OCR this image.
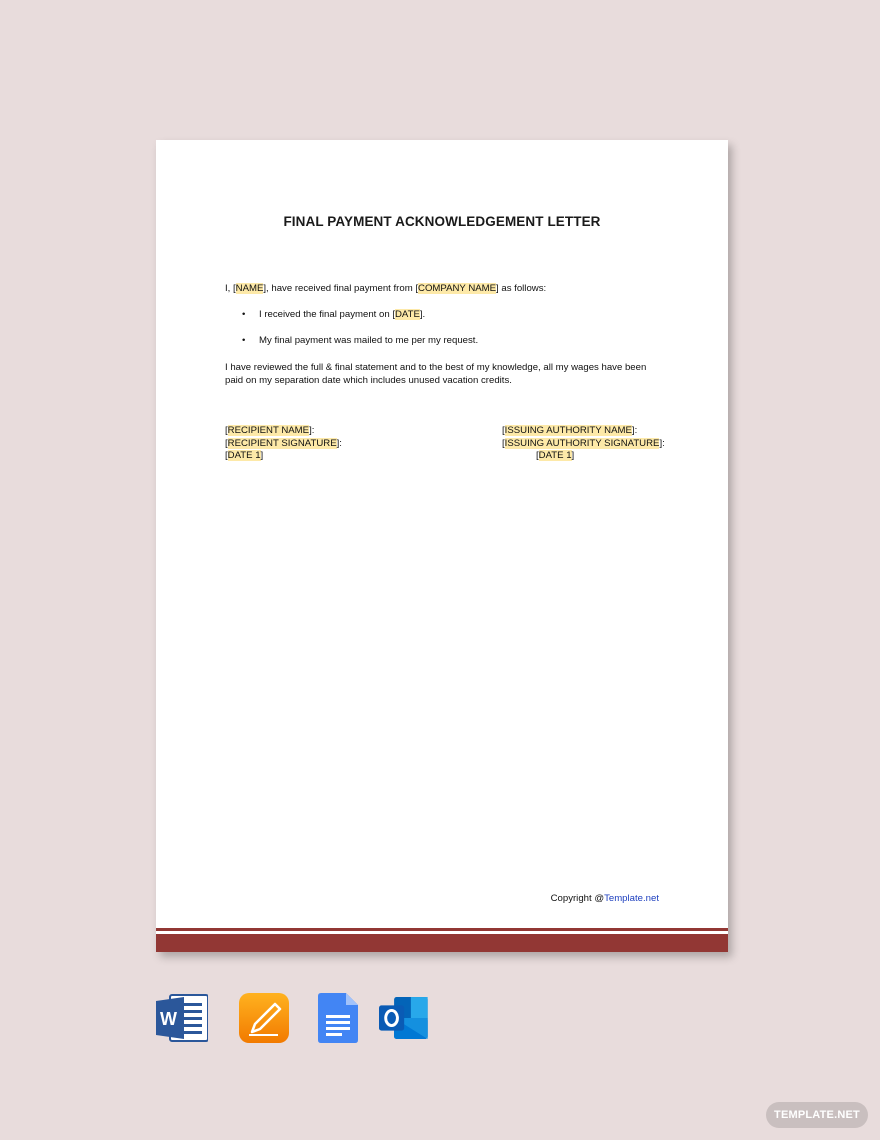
FINAL PAYMENT ACKNOWLEDGEMENT LETTER
I, [NAME], have received final payment from [COMPANY NAME] as follows:
• I received the final payment on [DATE].
• My final payment was mailed to me per my request.
I have reviewed the full & final statement and to the best of my knowledge, all my wages have been paid on my separation date which includes unused vacation credits.
[RECIPIENT NAME]:
[RECIPIENT SIGNATURE]:
[DATE 1]
[ISSUING AUTHORITY NAME]:
[ISSUING AUTHORITY SIGNATURE]:
[DATE 1]
Copyright @Template.net
W
TEMPLATE.NET
